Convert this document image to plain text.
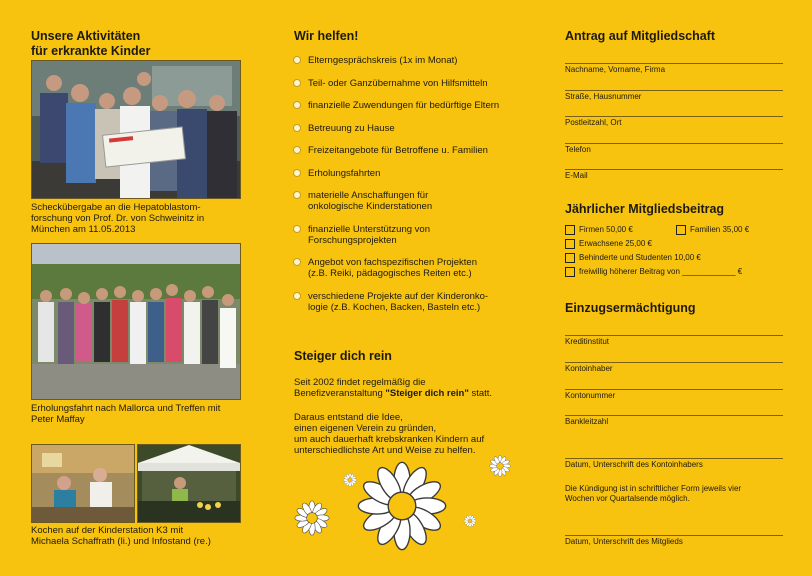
Unsere Aktivitäten
für erkrankte Kinder
Scheckübergabe an die Hepatoblastom-
forschung von Prof. Dr. von Schweinitz in
München am 11.05.2013
Erholungsfahrt nach Mallorca und Treffen mit
Peter Maffay
Kochen auf der Kinderstation K3 mit
Michaela Schaffrath (li.) und Infostand (re.)
Wir helfen!
Elterngesprächskreis (1x im Monat)
Teil- oder Ganzübernahme von Hilfsmitteln
finanzielle Zuwendungen für bedürftige Eltern
Betreuung zu Hause
Freizeitangebote für Betroffene u. Familien
Erholungsfahrten
materielle Anschaffungen für
onkologische Kinderstationen
finanzielle Unterstützung von
Forschungsprojekten
Angebot von fachspezifischen Projekten
(z.B. Reiki, pädagogisches Reiten etc.)
verschiedene Projekte auf der Kinderonko-
logie (z.B. Kochen, Backen, Basteln etc.)
Steiger dich rein
Seit 2002 findet regelmäßig die
Benefizveranstaltung "Steiger dich rein" statt.
Daraus entstand die Idee,
einen eigenen Verein zu gründen,
um auch dauerhaft krebskranken Kindern auf
unterschiedlichste Art und Weise zu helfen.
Antrag auf Mitgliedschaft
Nachname, Vorname, Firma
Straße, Hausnummer
Postleitzahl, Ort
Telefon
E-Mail
Jährlicher Mitgliedsbeitrag
Firmen 50,00 €	Familien 35,00 €
Erwachsene 25,00 €
Behinderte und Studenten 10,00 €
freiwillig höherer Beitrag von ____________ €
Einzugsermächtigung
Kreditinstitut
Kontoinhaber
Kontonummer
Bankleitzahl
Datum, Unterschrift des Kontoinhabers
Die Kündigung ist in schriftlicher Form jeweils vier
Wochen vor Quartalsende möglich.
Datum, Unterschrift des Mitglieds
